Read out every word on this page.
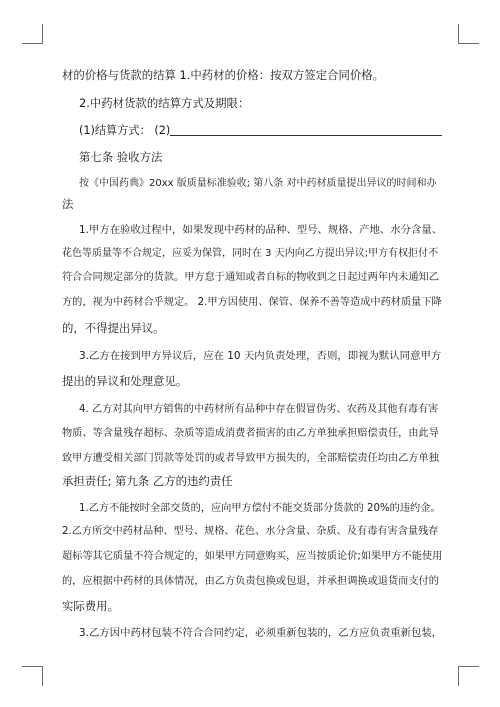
材的价格与货款的结算 1.中药材的价格：按双方签定合同价格。
2.中药材货款的结算方式及期限：
(1)结算方式： (2)
第七条 验收方法
按《中国药典》20xx 版质量标准验收; 第八条 对中药材质量提出异议的时间和办
法
1.甲方在验收过程中，如果发现中药材的品种、型号、规格、产地、水分含量、
花色等质量等不合规定，应妥为保管，同时在 3 天内向乙方提出异议;甲方有权拒付不
符合合同规定部分的货款。甲方怠于通知或者自标的物收到之日起过两年内未通知乙
方的，视为中药材合乎规定。 2.甲方因使用、保管、保养不善等造成中药材质量下降
的，不得提出异议。
3.乙方在接到甲方异议后，应在 10 天内负责处理，否则，即视为默认同意甲方
提出的异议和处理意见。
4. 乙方对其向甲方销售的中药材所有品种中存在假冒伪劣、农药及其他有毒有害
物质、等含量残存超标、杂质等造成消费者损害的由乙方单独承担赔偿责任，由此导
致甲方遭受相关部门罚款等处罚的或者导致甲方损失的，全部赔偿责任均由乙方单独
承担责任; 第九条 乙方的违约责任
1.乙方不能按时全部交货的，应向甲方偿付不能交货部分货款的 20%的违约金。
2.乙方所交中药材品种、型号、规格、花色、水分含量、杂质、及有毒有害含量残存
超标等其它质量不符合规定的，如果甲方同意购买，应当按质论价;如果甲方不能使用
的，应根据中药材的具体情况，由乙方负责包换或包退，并承担调换或退货而支付的
实际费用。
3.乙方因中药材包装不符合合同约定，必须重新包装的，乙方应负责重新包装，
